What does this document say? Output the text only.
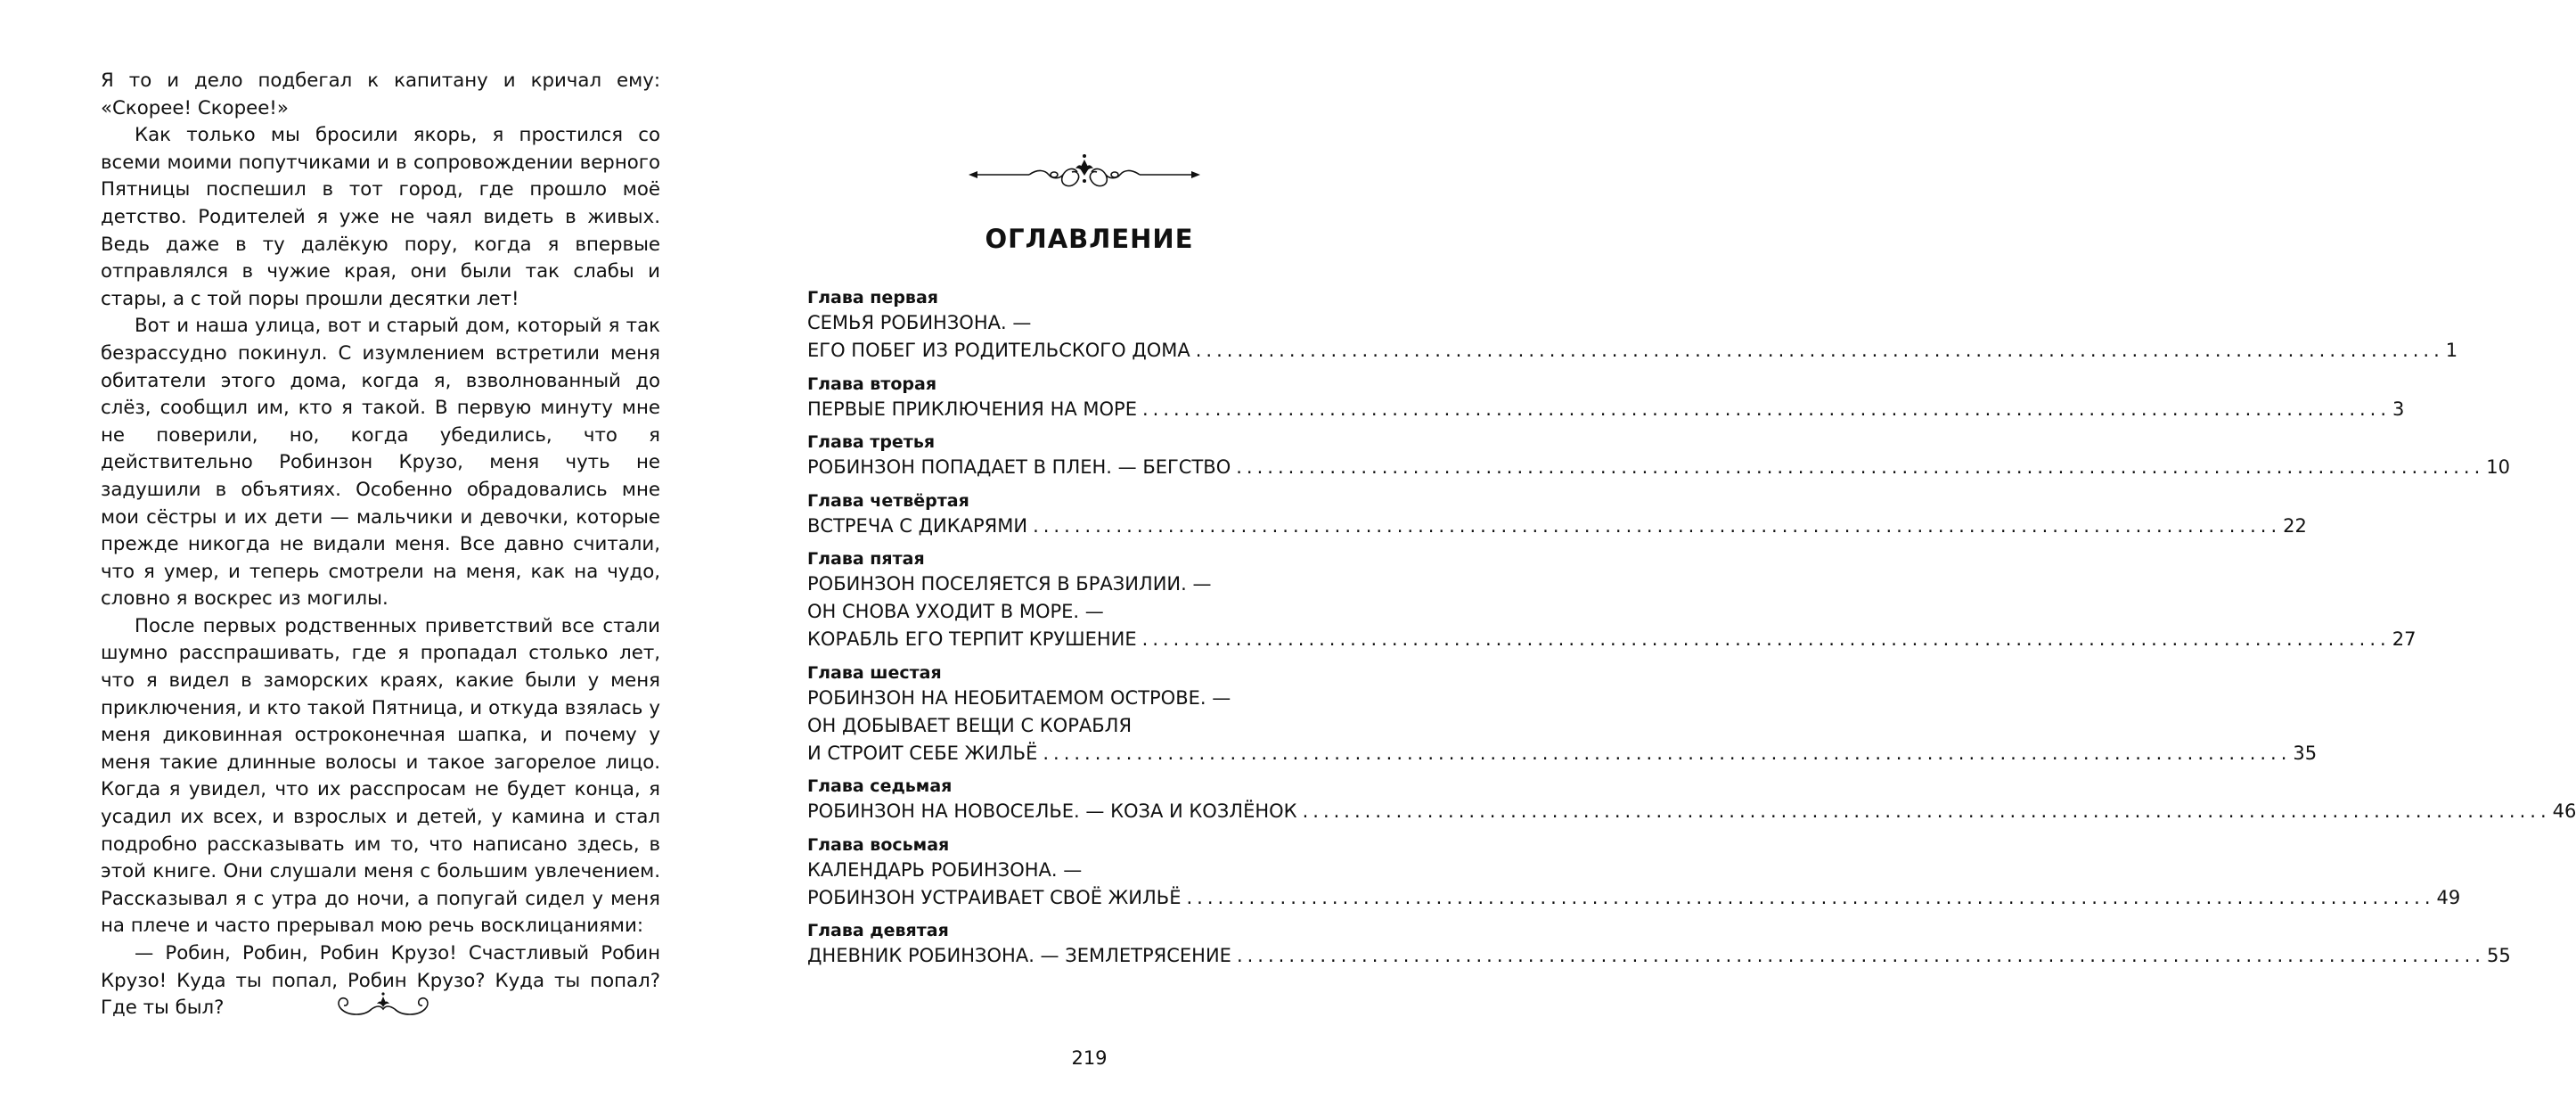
Я то и дело подбегал к капитану и кричал ему: «Скорее! Скорее!»

Как только мы бросили якорь, я простился со всеми моими попутчиками и в сопровождении верного Пятницы поспешил в тот город, где прошло моё детство. Родителей я уже не чаял видеть в живых. Ведь даже в ту далёкую пору, когда я впервые отправлялся в чужие края, они были так слабы и стары, а с той поры прошли десятки лет!

Вот и наша улица, вот и старый дом, который я так безрассудно покинул. С изумлением встретили меня обитатели этого дома, когда я, взволнованный до слёз, сообщил им, кто я такой. В первую минуту мне не поверили, но, когда убедились, что я действительно Робинзон Крузо, меня чуть не задушили в объятиях. Особенно обрадовались мне мои сёстры и их дети — мальчики и девочки, которые прежде никогда не видали меня. Все давно считали, что я умер, и теперь смотрели на меня, как на чудо, словно я воскрес из могилы.

После первых родственных приветствий все стали шумно расспрашивать, где я пропадал столько лет, что я видел в заморских краях, какие были у меня приключения, и кто такой Пятница, и откуда взялась у меня диковинная остроконечная шапка, и почему у меня такие длинные волосы и такое загорелое лицо. Когда я увидел, что их расспросам не будет конца, я усадил их всех, и взрослых и детей, у камина и стал подробно рассказывать им то, что написано здесь, в этой книге. Они слушали меня с большим увлечением. Рассказывал я с утра до ночи, а попугай сидел у меня на плече и часто прерывал мою речь восклицаниями:

— Робин, Робин, Робин Крузо! Счастливый Робин Крузо! Куда ты попал, Робин Крузо? Куда ты попал? Где ты был?

ОГЛАВЛЕНИЕ
Глава первая
СЕМЬЯ РОБИНЗОНА. —
ЕГО ПОБЕГ ИЗ РОДИТЕЛЬСКОГО ДОМА ........................................................................................................................ 1
Глава вторая
ПЕРВЫЕ ПРИКЛЮЧЕНИЯ НА МОРЕ ........................................................................................................................ 3
Глава третья
РОБИНЗОН ПОПАДАЕТ В ПЛЕН. — БЕГСТВО ........................................................................................................................ 10
Глава четвёртая
ВСТРЕЧА С ДИКАРЯМИ ........................................................................................................................ 22
Глава пятая
РОБИНЗОН ПОСЕЛЯЕТСЯ В БРАЗИЛИИ. —
ОН СНОВА УХОДИТ В МОРЕ. —
КОРАБЛЬ ЕГО ТЕРПИТ КРУШЕНИЕ ........................................................................................................................ 27
Глава шестая
РОБИНЗОН НА НЕОБИТАЕМОМ ОСТРОВЕ. —
ОН ДОБЫВАЕТ ВЕЩИ С КОРАБЛЯ
И СТРОИТ СЕБЕ ЖИЛЬЁ ........................................................................................................................ 35
Глава седьмая
РОБИНЗОН НА НОВОСЕЛЬЕ. — КОЗА И КОЗЛЁНОК ........................................................................................................................ 46
Глава восьмая
КАЛЕНДАРЬ РОБИНЗОНА. —
РОБИНЗОН УСТРАИВАЕТ СВОЁ ЖИЛЬЁ ........................................................................................................................ 49
Глава девятая
ДНЕВНИК РОБИНЗОНА. — ЗЕМЛЕТРЯСЕНИЕ ........................................................................................................................ 55
219
